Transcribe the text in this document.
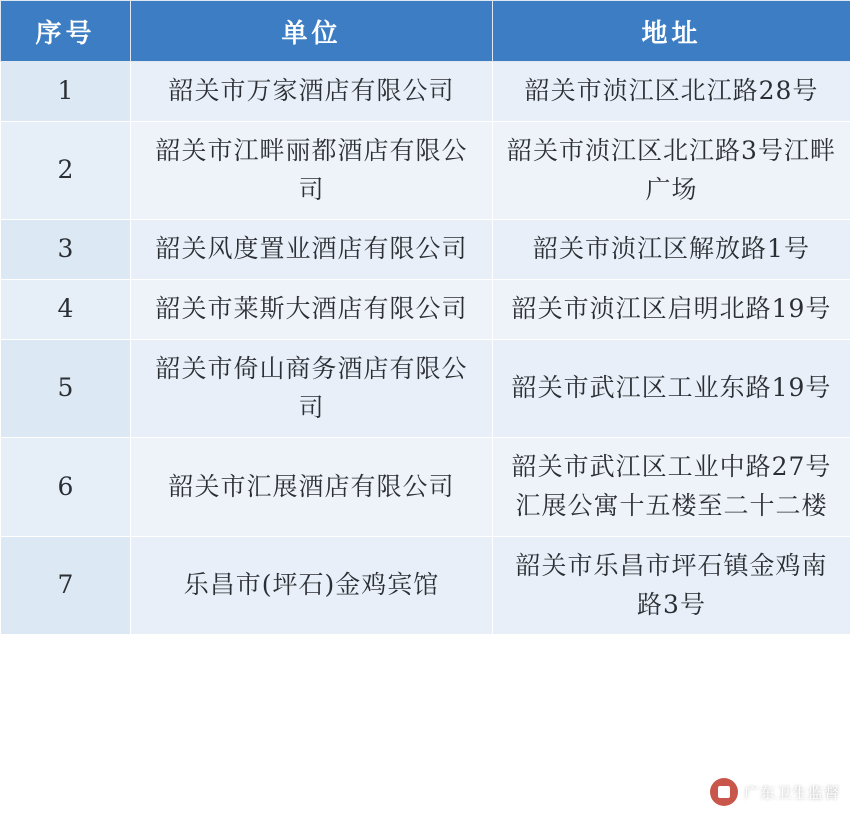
序号	单位	地址
1	韶关市万家酒店有限公司	韶关市浈江区北江路28号
2	韶关市江畔丽都酒店有限公司	韶关市浈江区北江路3号江畔广场
3	韶关风度置业酒店有限公司	韶关市浈江区解放路1号
4	韶关市莱斯大酒店有限公司	韶关市浈江区启明北路19号
5	韶关市倚山商务酒店有限公司	韶关市武江区工业东路19号
6	韶关市汇展酒店有限公司	韶关市武江区工业中路27号汇展公寓十五楼至二十二楼
7	乐昌市(坪石)金鸡宾馆	韶关市乐昌市坪石镇金鸡南路3号
广东卫生监督
